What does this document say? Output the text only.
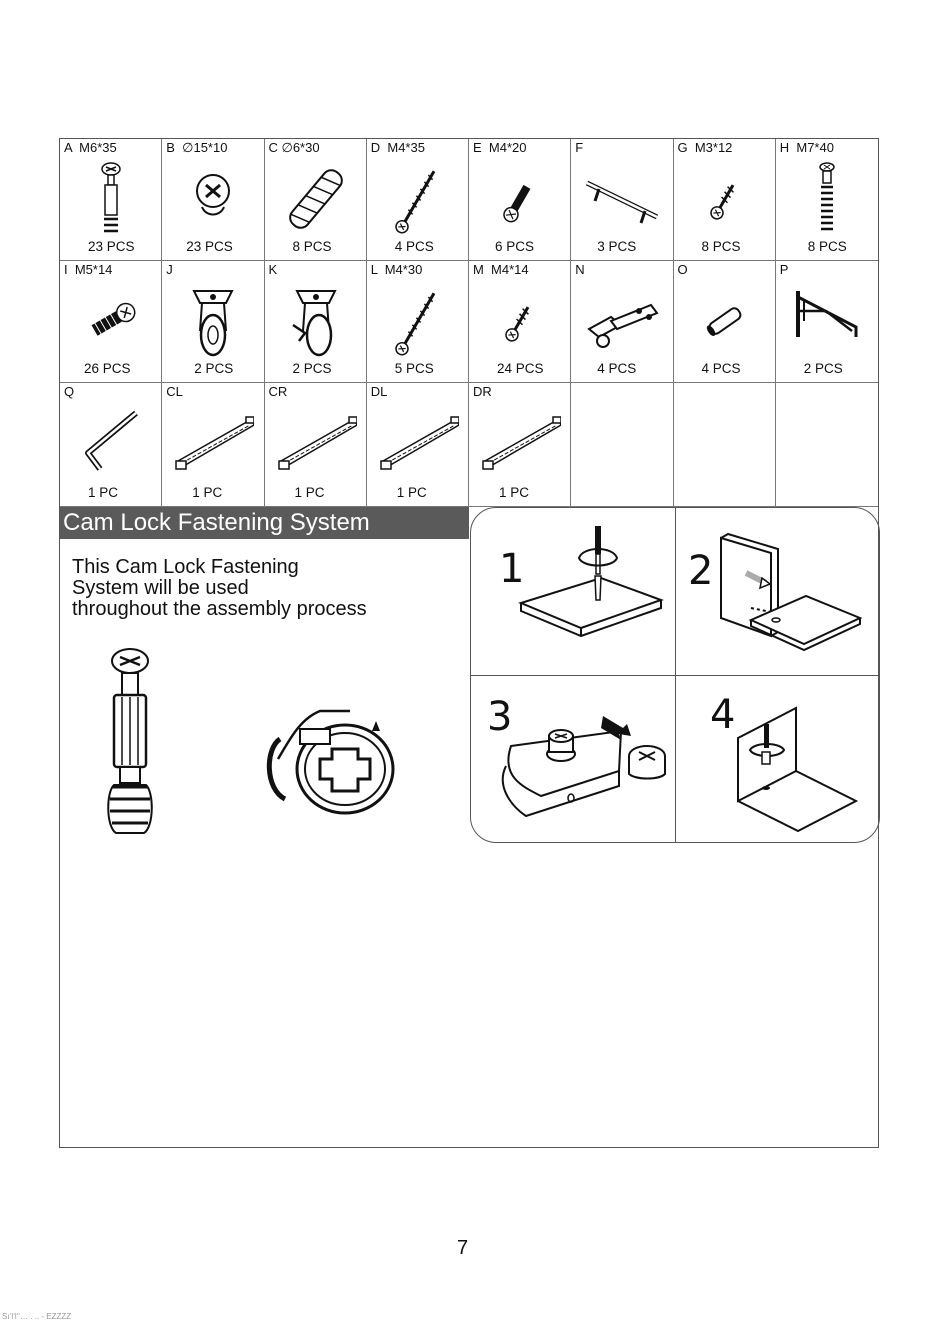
A  M6*35
23 PCS
B  ∅15*10
23 PCS
C ∅6*30
8 PCS
D  M4*35
4 PCS
E  M4*20
6 PCS
F
3 PCS
G  M3*12
8 PCS
H  M7*40
8 PCS
I  M5*14
26 PCS
J
2 PCS
K
2 PCS
L  M4*30
5 PCS
M  M4*14
24 PCS
N
4 PCS
O
4 PCS
P
2 PCS
Q
1 PC
CL
1 PC
CR
1 PC
DL
1 PC
DR
1 PC
Cam Lock Fastening System
This Cam Lock Fastening
System will be used
throughout the assembly process
1	2
3	4
7
Sı‘l‘l‘‘… . .. - EZZZZ
